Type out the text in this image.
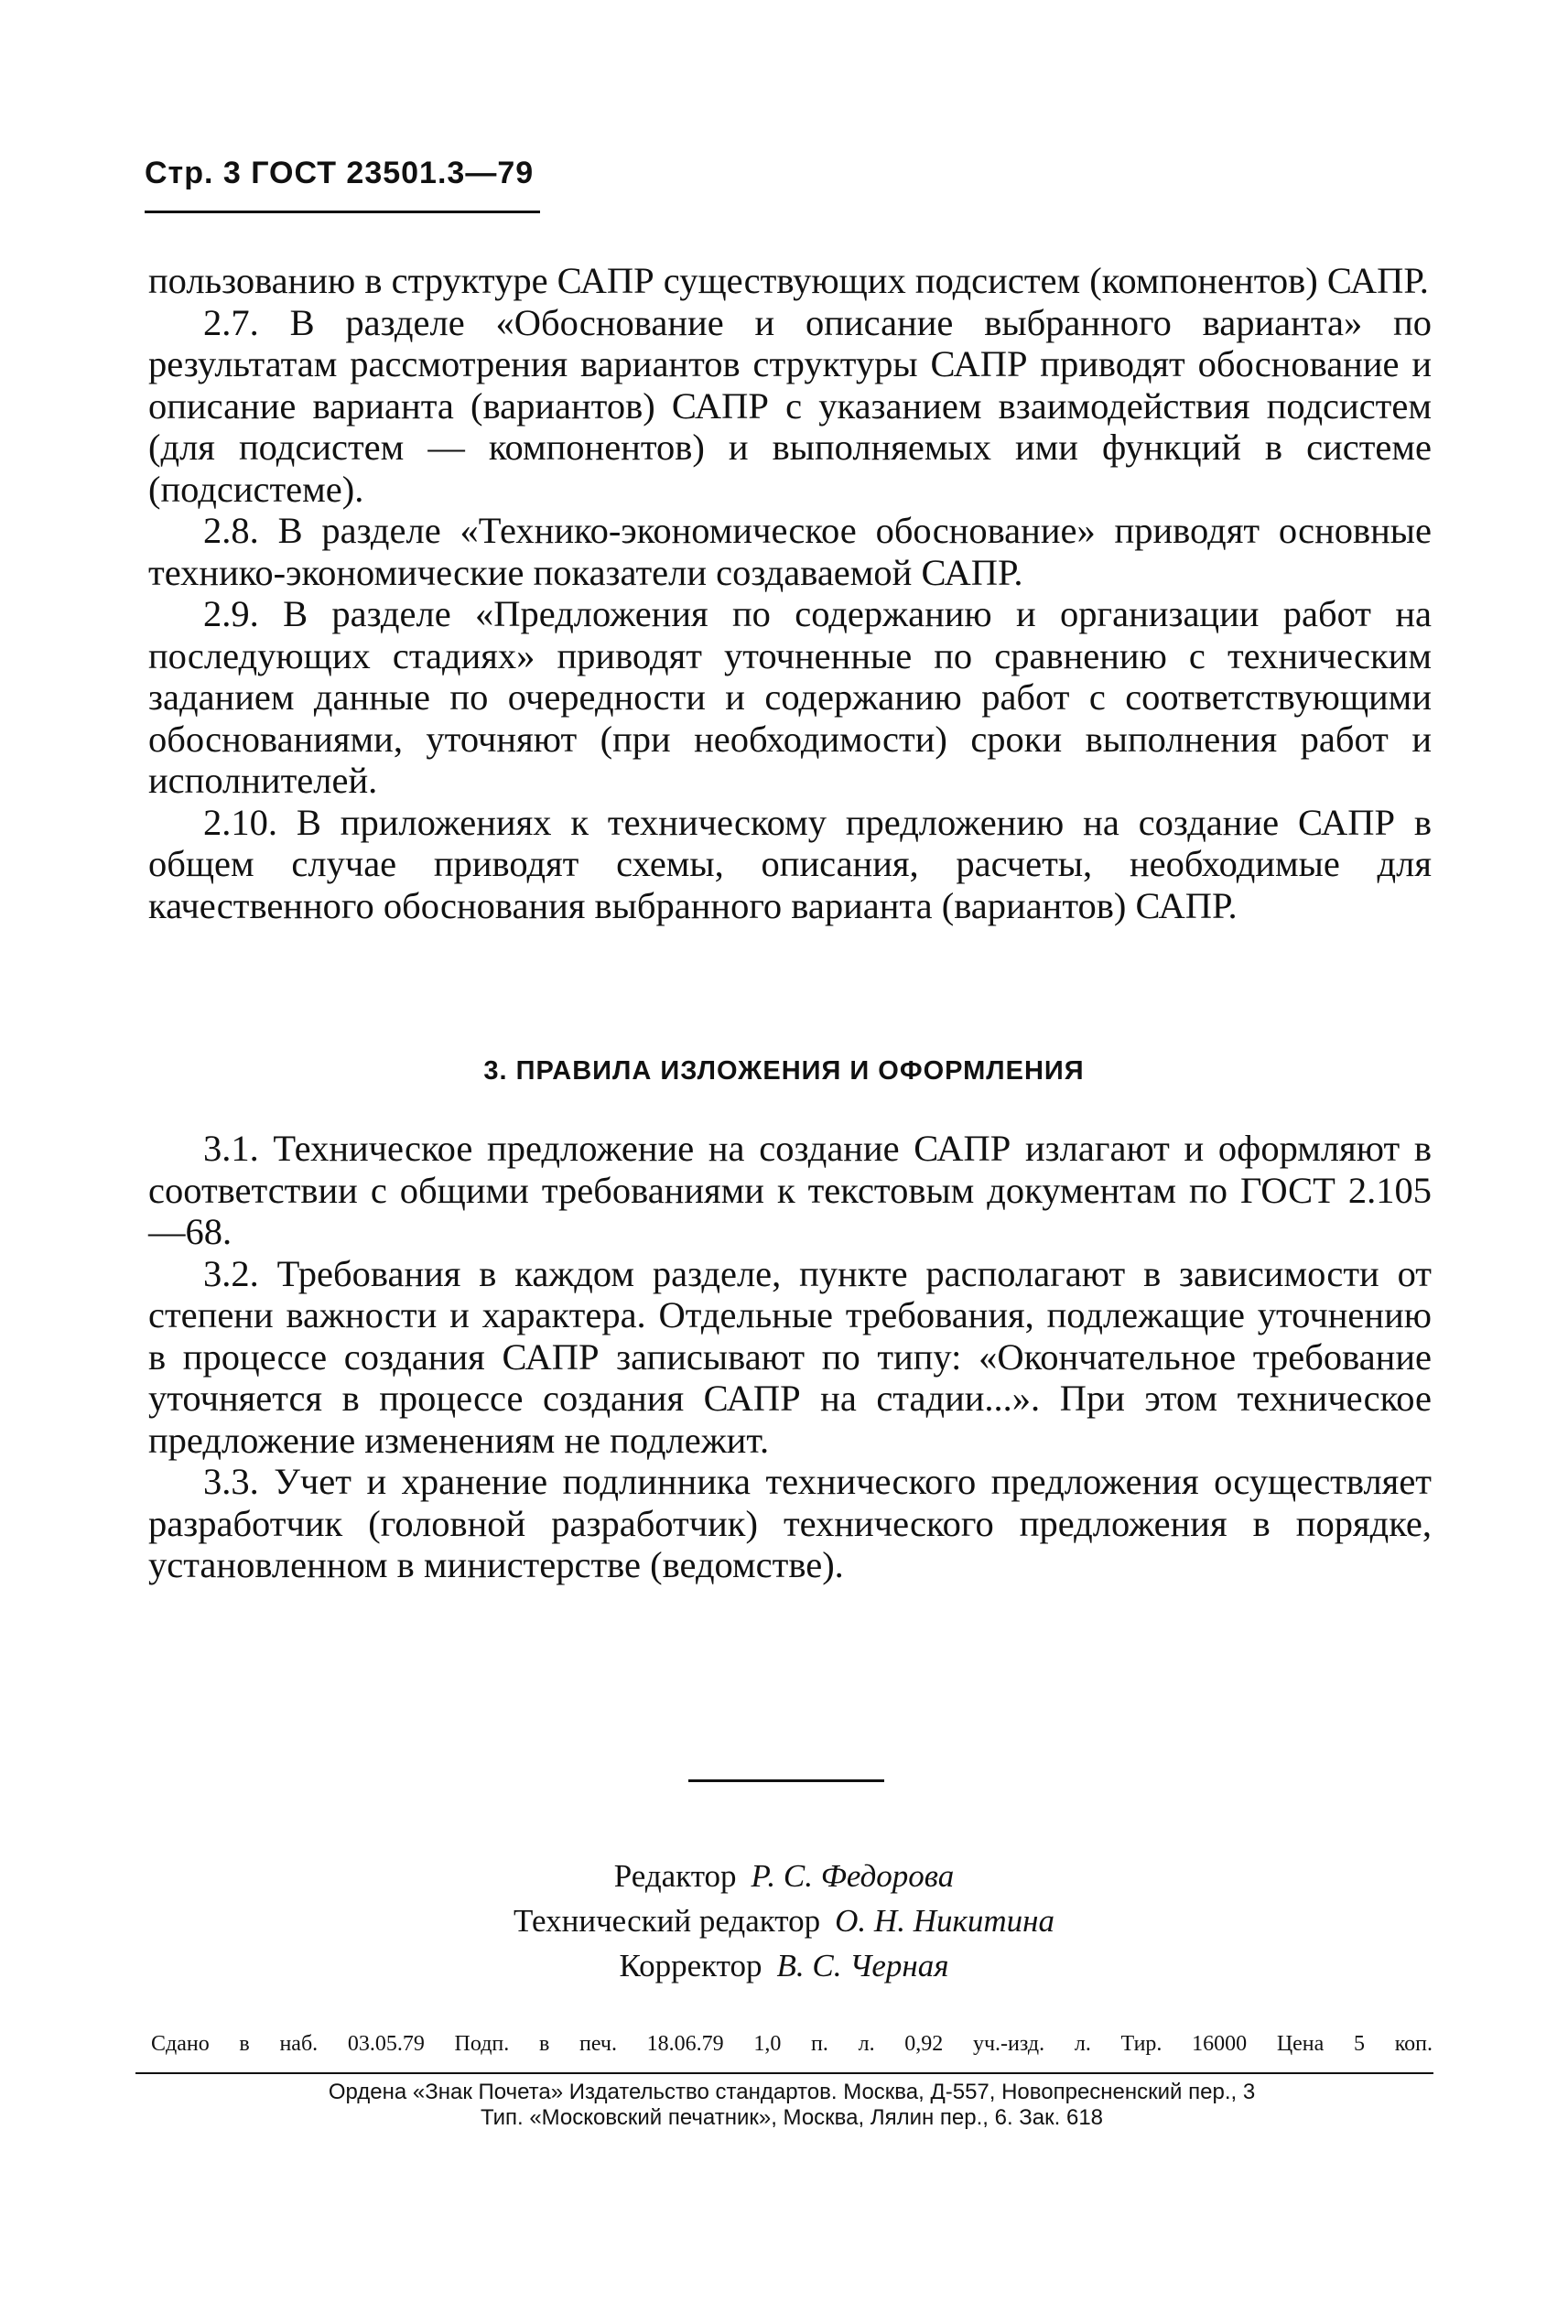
Стр. 3 ГОСТ 23501.3—79

пользованию в структуре САПР существующих подсистем (компонентов) САПР.

2.7. В разделе «Обоснование и описание выбранного варианта» по результатам рассмотрения вариантов структуры САПР приводят обоснование и описание варианта (вариантов) САПР с указанием взаимодействия подсистем (для подсистем — компонентов) и выполняемых ими функций в системе (подсистеме).

2.8. В разделе «Технико-экономическое обоснование» приводят основные технико-экономические показатели создаваемой САПР.

2.9. В разделе «Предложения по содержанию и организации работ на последующих стадиях» приводят уточненные по сравнению с техническим заданием данные по очередности и содержанию работ с соответствующими обоснованиями, уточняют (при необходимости) сроки выполнения работ и исполнителей.

2.10. В приложениях к техническому предложению на создание САПР в общем случае приводят схемы, описания, расчеты, необходимые для качественного обоснования выбранного варианта (вариантов) САПР.

3. ПРАВИЛА ИЗЛОЖЕНИЯ И ОФОРМЛЕНИЯ

3.1. Техническое предложение на создание САПР излагают и оформляют в соответствии с общими требованиями к текстовым документам по ГОСТ 2.105—68.

3.2. Требования в каждом разделе, пункте располагают в зависимости от степени важности и характера. Отдельные требования, подлежащие уточнению в процессе создания САПР записывают по типу: «Окончательное требование уточняется в процессе создания САПР на стадии...». При этом техническое предложение изменениям не подлежит.

3.3. Учет и хранение подлинника технического предложения осуществляет разработчик (головной разработчик) технического предложения в порядке, установленном в министерстве (ведомстве).

Редактор Р. С. Федорова
Технический редактор О. Н. Никитина
Корректор В. С. Черная
Сдано в наб. 03.05.79 Подп. в печ. 18.06.79 1,0 п. л. 0,92 уч.-изд. л. Тир. 16000 Цена 5 коп.
Ордена «Знак Почета» Издательство стандартов. Москва, Д-557, Новопресненский пер., 3
Тип. «Московский печатник», Москва, Лялин пер., 6. Зак. 618
